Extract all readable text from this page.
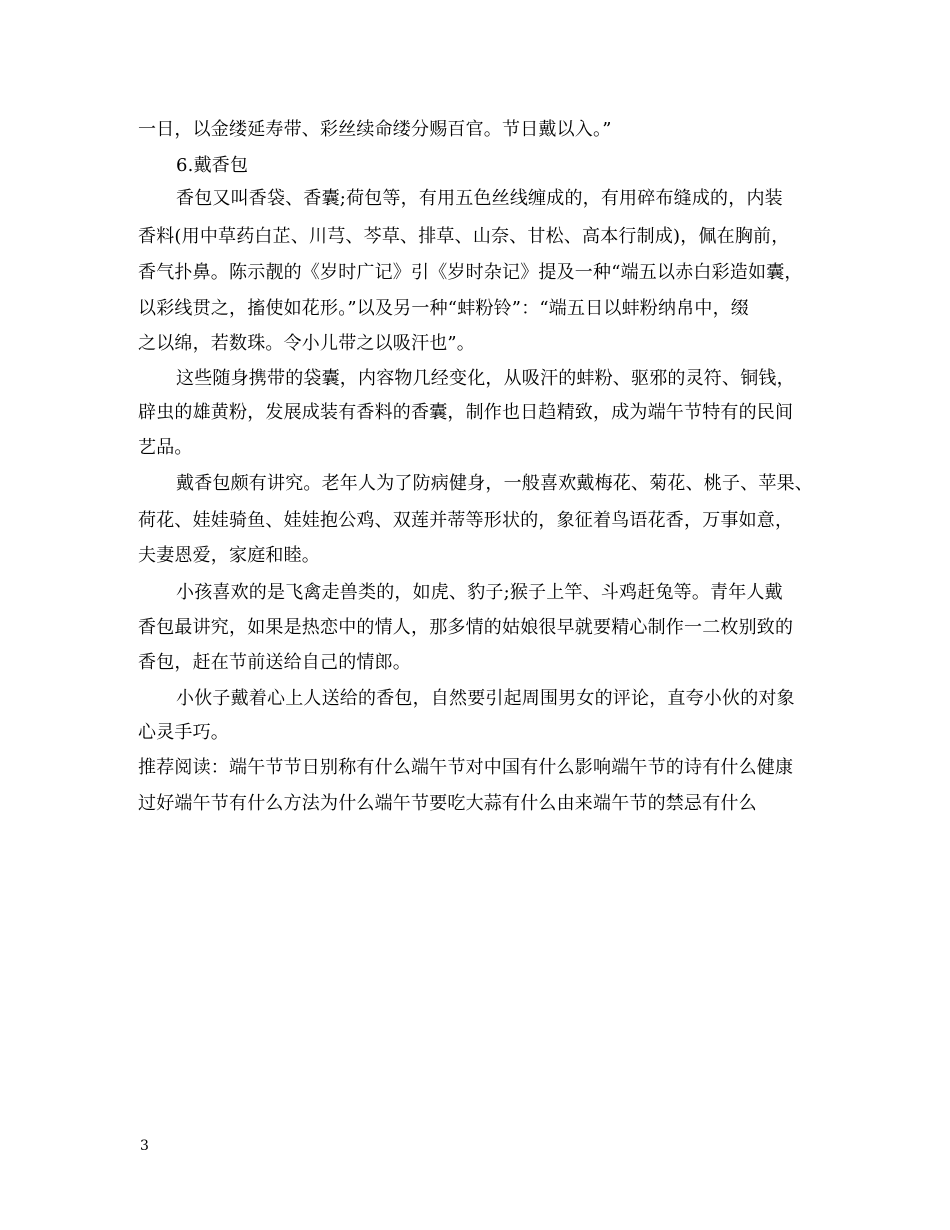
一日，以金缕延寿带、彩丝续命缕分赐百官。节日戴以入。”
6.戴香包
香包又叫香袋、香囊;荷包等，有用五色丝线缠成的，有用碎布缝成的，内装
香料(用中草药白芷、川芎、芩草、排草、山奈、甘松、高本行制成)，佩在胸前，
香气扑鼻。陈示靓的《岁时广记》引《岁时杂记》提及一种“端五以赤白彩造如囊，
以彩线贯之，搐使如花形。”以及另一种“蚌粉铃”：“端五日以蚌粉纳帛中，缀
之以绵，若数珠。令小儿带之以吸汗也”。
这些随身携带的袋囊，内容物几经变化，从吸汗的蚌粉、驱邪的灵符、铜钱，
辟虫的雄黄粉，发展成装有香料的香囊，制作也日趋精致，成为端午节特有的民间
艺品。
戴香包颇有讲究。老年人为了防病健身，一般喜欢戴梅花、菊花、桃子、苹果、
荷花、娃娃骑鱼、娃娃抱公鸡、双莲并蒂等形状的，象征着鸟语花香，万事如意，
夫妻恩爱，家庭和睦。
小孩喜欢的是飞禽走兽类的，如虎、豹子;猴子上竿、斗鸡赶兔等。青年人戴
香包最讲究，如果是热恋中的情人，那多情的姑娘很早就要精心制作一二枚别致的
香包，赶在节前送给自己的情郎。
小伙子戴着心上人送给的香包，自然要引起周围男女的评论，直夸小伙的对象
心灵手巧。
推荐阅读：端午节节日别称有什么端午节对中国有什么影响端午节的诗有什么健康
过好端午节有什么方法为什么端午节要吃大蒜有什么由来端午节的禁忌有什么
3
